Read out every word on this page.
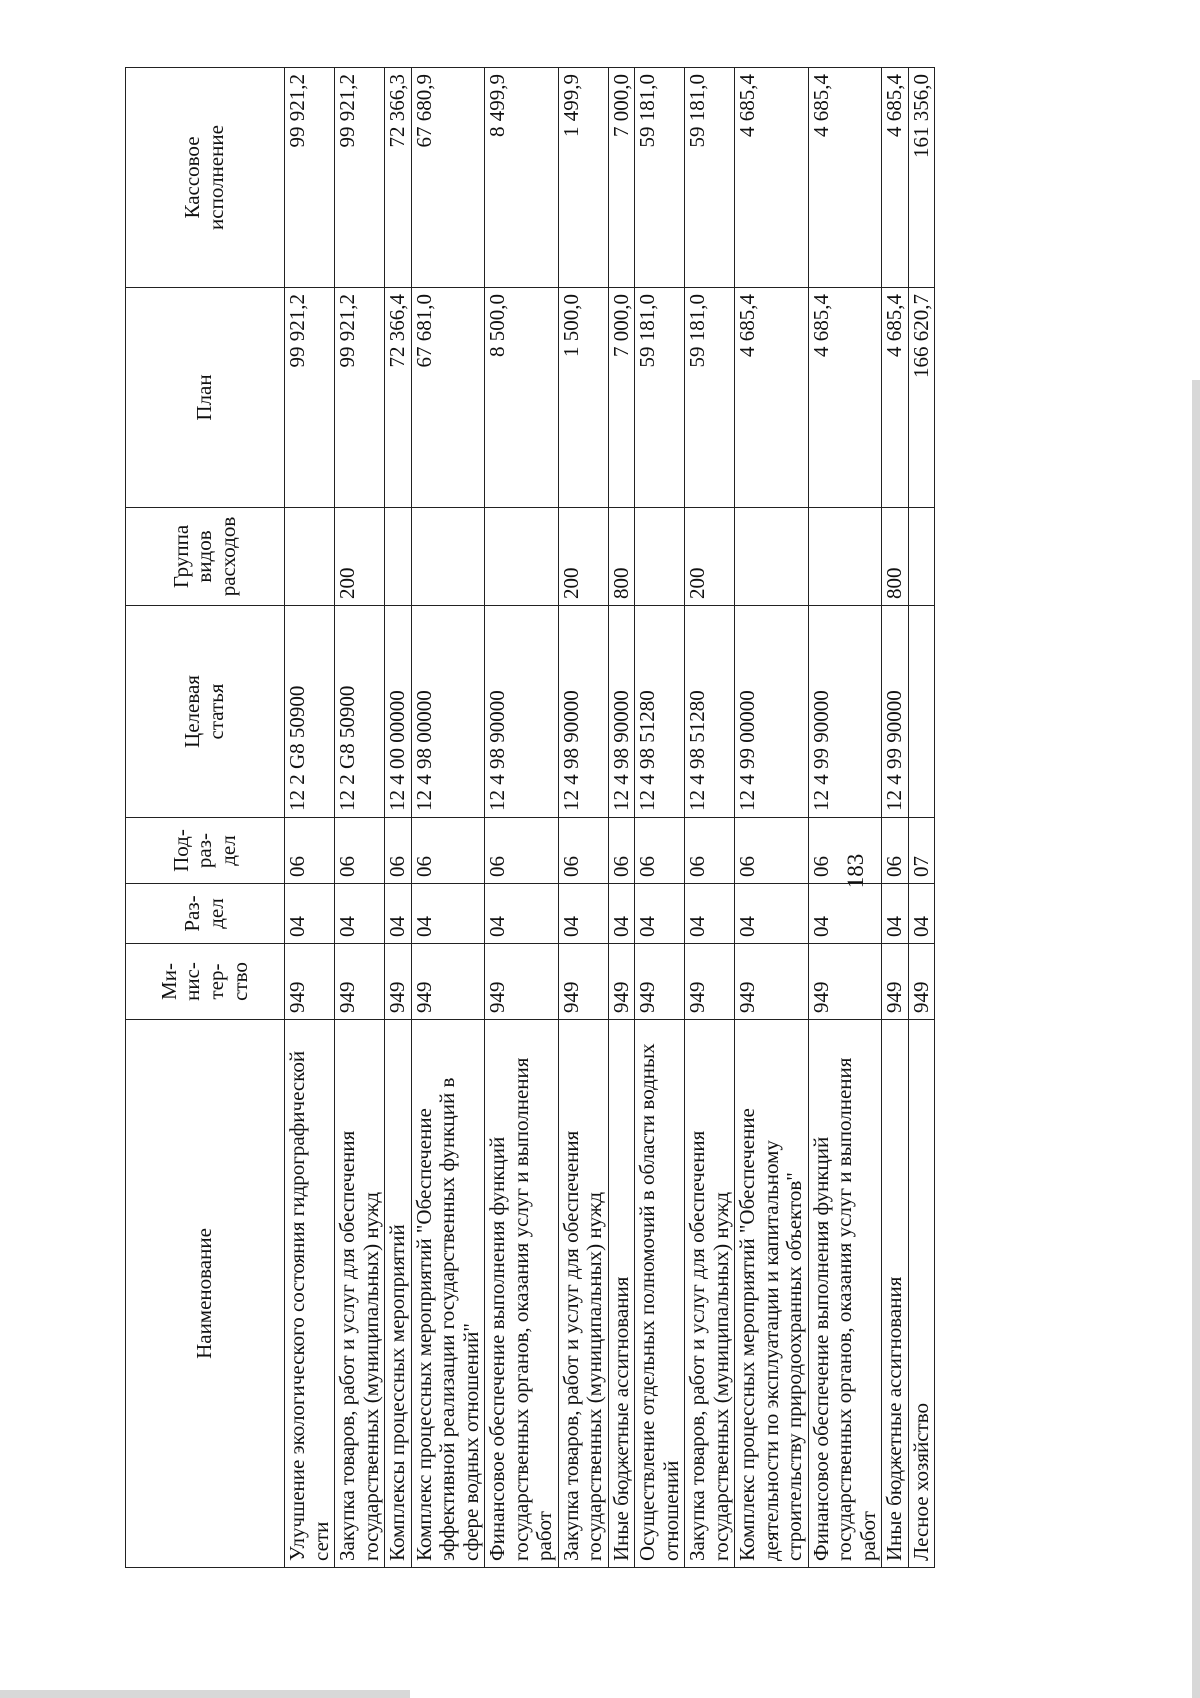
183
Наименование	Ми-
нис-
тер-
ство	Раз-
дел	Под-
раз-
дел	Целевая
статья	Группа
видов
расходов	План	Кассовое
исполнение
Улучшение экологического состояния гидрографической сети	949	04	06	12 2 G8 50900		99 921,2	99 921,2
Закупка товаров, работ и услуг для обеспечения государственных (муниципальных) нужд	949	04	06	12 2 G8 50900	200	99 921,2	99 921,2
Комплексы процессных мероприятий	949	04	06	12 4 00 00000		72 366,4	72 366,3
Комплекс процессных мероприятий "Обеспечение эффективной реализации государственных функций в сфере водных отношений"	949	04	06	12 4 98 00000		67 681,0	67 680,9
Финансовое обеспечение выполнения функций государственных органов, оказания услуг и выполнения работ	949	04	06	12 4 98 90000		8 500,0	8 499,9
Закупка товаров, работ и услуг для обеспечения государственных (муниципальных) нужд	949	04	06	12 4 98 90000	200	1 500,0	1 499,9
Иные бюджетные ассигнования	949	04	06	12 4 98 90000	800	7 000,0	7 000,0
Осуществление отдельных полномочий в области водных отношений	949	04	06	12 4 98 51280		59 181,0	59 181,0
Закупка товаров, работ и услуг для обеспечения государственных (муниципальных) нужд	949	04	06	12 4 98 51280	200	59 181,0	59 181,0
Комплекс процессных мероприятий "Обеспечение деятельности по эксплуатации и капитальному строительству природоохранных объектов"	949	04	06	12 4 99 00000		4 685,4	4 685,4
Финансовое обеспечение выполнения функций государственных органов, оказания услуг и выполнения работ	949	04	06	12 4 99 90000		4 685,4	4 685,4
Иные бюджетные ассигнования	949	04	06	12 4 99 90000	800	4 685,4	4 685,4
Лесное хозяйство	949	04	07			166 620,7	161 356,0
